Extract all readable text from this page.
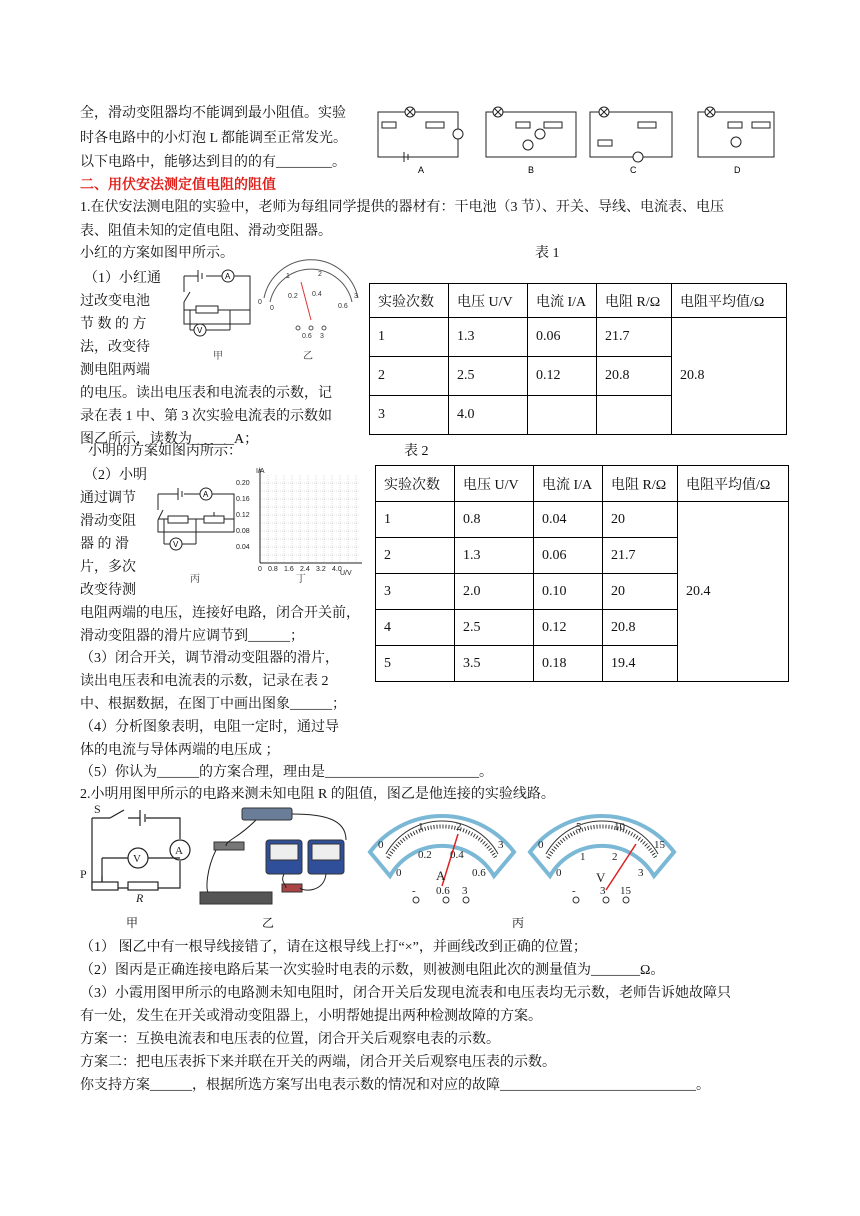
全，滑动变阻器均不能调到最小阻值。实验
时各电路中的小灯泡 L 都能调至正常发光。
以下电路中，能够达到目的的有________。	A	B	C	D
二、用伏安法测定值电阻的阻值
1.在伏安法测电阻的实验中，老师为每组同学提供的器材有：干电池（3 节）、开关、导线、电流表、电压
表、阻值未知的定值电阻、滑动变阻器。
小红的方案如图甲所示。	表 1
（1）小红通
过改变电池
节 数 的 方
法，改变待
测电阻两端
的电压。读出电压表和电流表的示数，记
录在表 1 中、第 3 次实验电流表的示数如
图乙所示，读数为______A；
A
V
甲
0
1	2
3
0
0.2 0.4
0.6
0.6 3
乙
实验次数	电压 U/V	电流 I/A	电阻 R/Ω	电阻平均值/Ω
1	1.3	0.06	21.7	20.8
2	2.5	0.12	20.8	
3	4.0			
小明的方案如图丙所示：	表 2
（2）小明
通过调节
滑动变阻
器 的 滑
片，多次
改变待测
电阻两端的电压，连接好电路，闭合开关前，
滑动变阻器的滑片应调节到______；
（3）闭合开关，调节滑动变阻器的滑片，
读出电压表和电流表的示数，记录在表 2
中、根据数据，在图丁中画出图象______；
（4）分析图象表明，电阻一定时，通过导
体的电流与导体两端的电压成 ；
（5）你认为______的方案合理，理由是______________________。
A
V
丙
I/A
U/V
0.20
0.16
0.12
0.08
0.04
0 0.8 1.6 2.4 3.2 4.0
丁
实验次数	电压 U/V	电流 I/A	电阻 R/Ω	电阻平均值/Ω
1	0.8	0.04	20	20.4
2	1.3	0.06	21.7	
3	2.0	0.10	20	
4	2.5	0.12	20.8	
5	3.5	0.18	19.4	
2.小明用图甲所示的电路来测未知电阻 R 的阻值，图乙是他连接的实验线路。
S
A
V
P
R
甲	乙
0
1	2
3
0
0.2 0.4
0.6
A
- 0.6 3
0
5	10
15
0
1 2
3
V
- 3 15
丙
（1） 图乙中有一根导线接错了，请在这根导线上打“×”，并画线改到正确的位置；
（2）图丙是正确连接电路后某一次实验时电表的示数，则被测电阻此次的测量值为_______Ω。
（3）小霞用图甲所示的电路测未知电阻时，闭合开关后发现电流表和电压表均无示数，老师告诉她故障只
有一处，发生在开关或滑动变阻器上，小明帮她提出两种检测故障的方案。
方案一：互换电流表和电压表的位置，闭合开关后观察电表的示数。
方案二：把电压表拆下来并联在开关的两端，闭合开关后观察电压表的示数。
你支持方案______，根据所选方案写出电表示数的情况和对应的故障____________________________。
